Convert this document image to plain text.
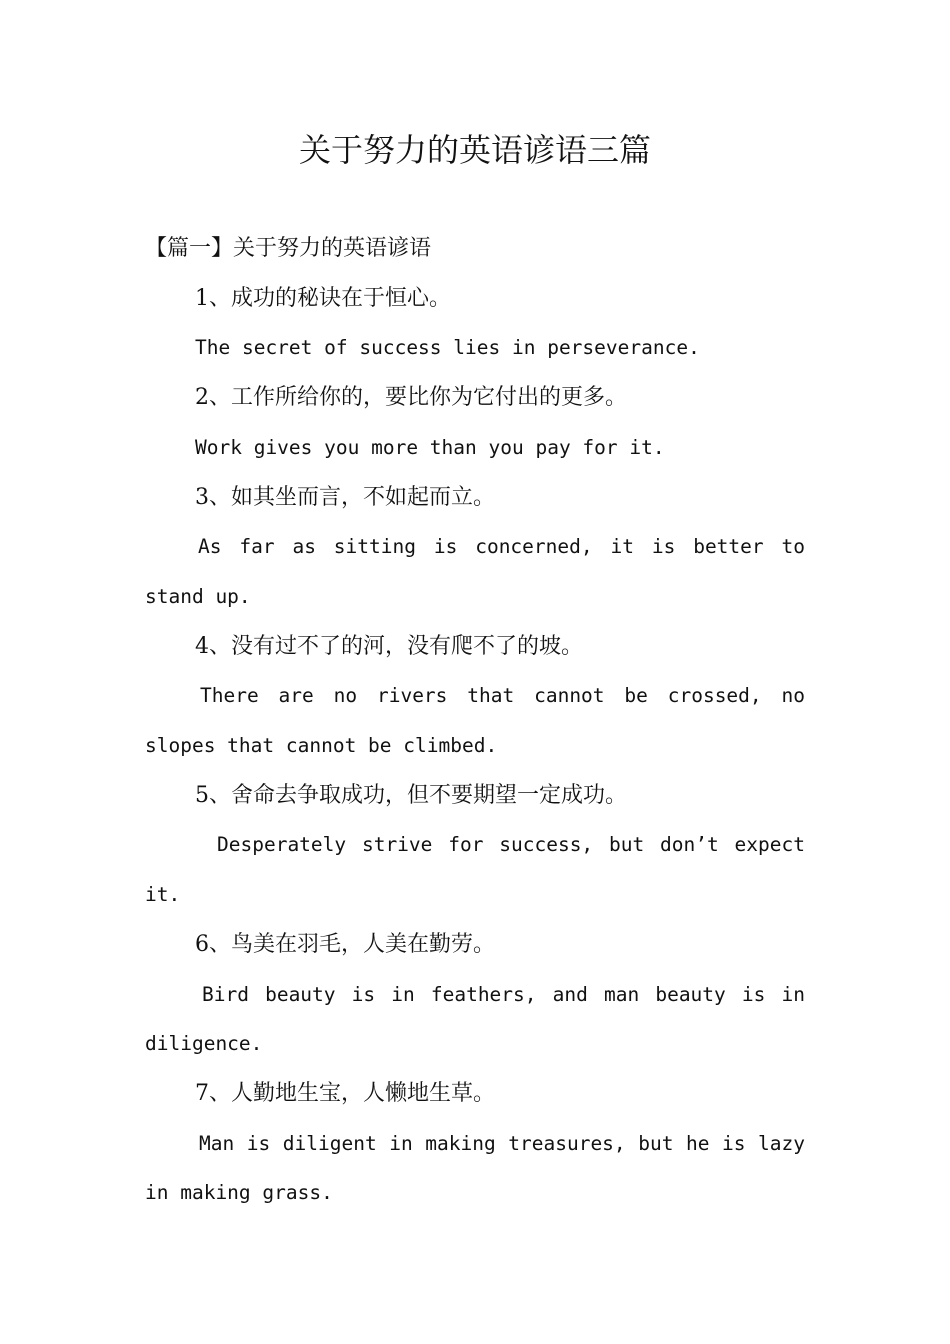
关于努力的英语谚语三篇
【篇一】关于努力的英语谚语
1、成功的秘诀在于恒心。
The secret of success lies in perseverance.
2、工作所给你的，要比你为它付出的更多。
Work gives you more than you pay for it.
3、如其坐而言，不如起而立。
As far as sitting is concerned, it is better to stand up.
4、没有过不了的河，没有爬不了的坡。
There are no rivers that cannot be crossed, no slopes that cannot be climbed.
5、舍命去争取成功，但不要期望一定成功。
Desperately strive for success, but don’t expect it.
6、鸟美在羽毛，人美在勤劳。
Bird beauty is in feathers, and man beauty is in diligence.
7、人勤地生宝，人懒地生草。
Man is diligent in making treasures, but he is lazy in making grass.
